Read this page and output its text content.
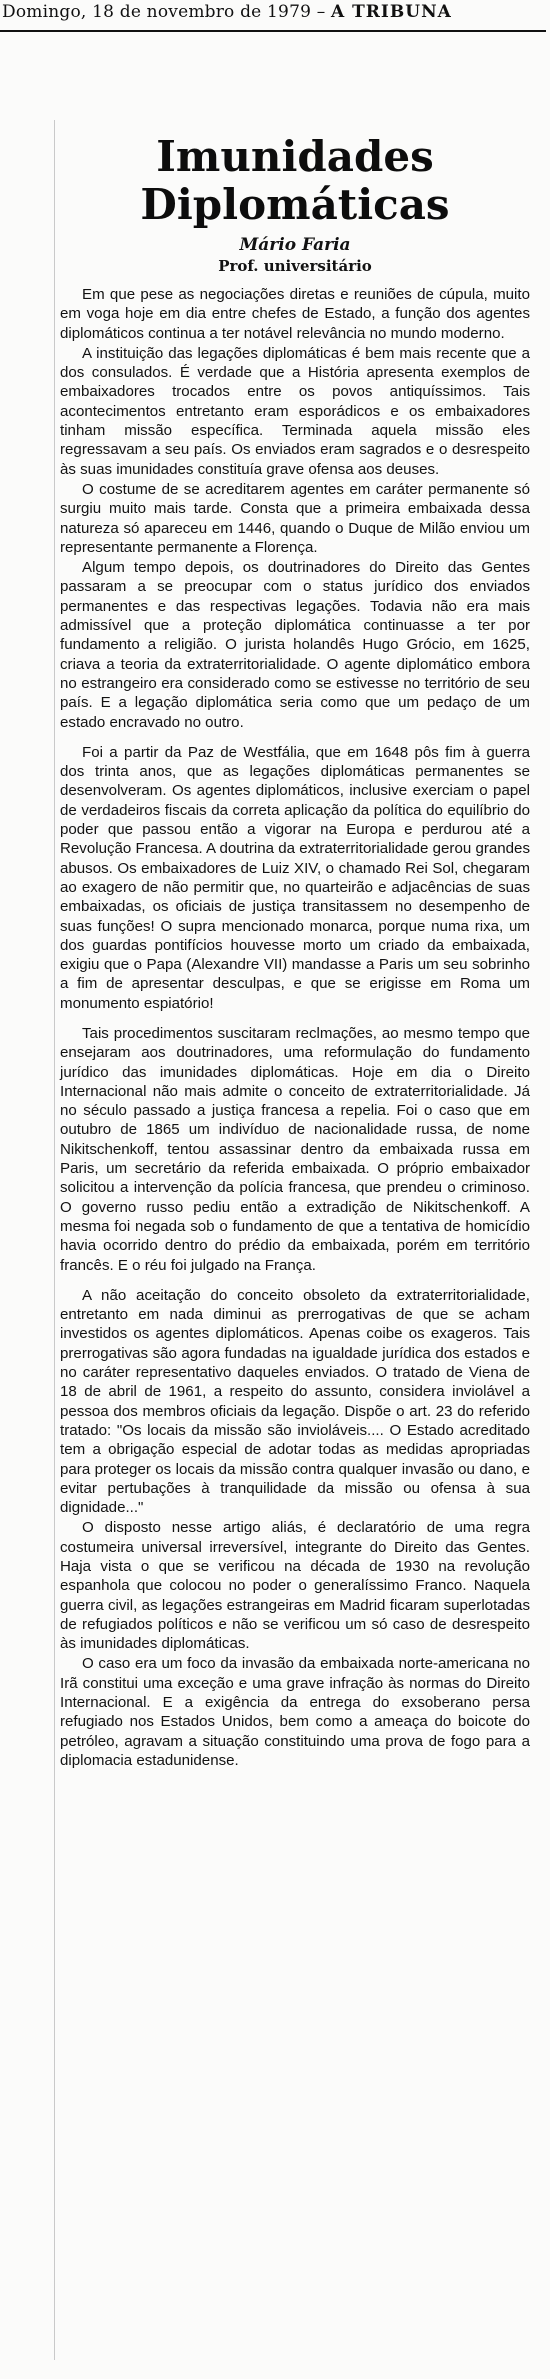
Domingo, 18 de novembro de 1979 – A TRIBUNA
Imunidades
Diplomáticas
Mário Faria
Prof. universitário

Em que pese as negociações diretas e reuniões de cúpula, muito em voga hoje em dia entre chefes de Estado, a função dos agentes diplomáticos continua a ter notável relevância no mundo moderno.

A instituição das legações diplomáticas é bem mais recente que a dos consulados. É verdade que a História apresenta exemplos de embaixadores trocados entre os povos antiquíssimos. Tais acontecimentos entretanto eram esporádicos e os embaixadores tinham missão específica. Terminada aquela missão eles regressavam a seu país. Os enviados eram sagrados e o desrespeito às suas imunidades constituía grave ofensa aos deuses.

O costume de se acreditarem agentes em caráter permanente só surgiu muito mais tarde. Consta que a primeira embaixada dessa natureza só apareceu em 1446, quando o Duque de Milão enviou um representante permanente a Florença.

Algum tempo depois, os doutrinadores do Direito das Gentes passaram a se preocupar com o status jurídico dos enviados permanentes e das respectivas legações. Todavia não era mais admissível que a proteção diplomática continuasse a ter por fundamento a religião. O jurista holandês Hugo Grócio, em 1625, criava a teoria da extraterritorialidade. O agente diplomático embora no estrangeiro era considerado como se estivesse no território de seu país. E a legação diplomática seria como que um pedaço de um estado encravado no outro.

Foi a partir da Paz de Westfália, que em 1648 pôs fim à guerra dos trinta anos, que as legações diplomáticas permanentes se desenvolveram. Os agentes diplomáticos, inclusive exerciam o papel de verdadeiros fiscais da correta aplicação da política do equilíbrio do poder que passou então a vigorar na Europa e perdurou até a Revolução Francesa. A doutrina da extraterritorialidade gerou grandes abusos. Os embaixadores de Luiz XIV, o chamado Rei Sol, chegaram ao exagero de não permitir que, no quarteirão e adjacências de suas embaixadas, os oficiais de justiça transitassem no desempenho de suas funções! O supra mencionado monarca, porque numa rixa, um dos guardas pontifícios houvesse morto um criado da embaixada, exigiu que o Papa (Alexandre VII) mandasse a Paris um seu sobrinho a fim de apresentar desculpas, e que se erigisse em Roma um monumento espiatório!

Tais procedimentos suscitaram reclmações, ao mesmo tempo que ensejaram aos doutrinadores, uma reformulação do fundamento jurídico das imunidades diplomáticas. Hoje em dia o Direito Internacional não mais admite o conceito de extraterritorialidade. Já no século passado a justiça francesa a repelia. Foi o caso que em outubro de 1865 um indivíduo de nacionalidade russa, de nome Nikitschenkoff, tentou assassinar dentro da embaixada russa em Paris, um secretário da referida embaixada. O próprio embaixador solicitou a intervenção da polícia francesa, que prendeu o criminoso. O governo russo pediu então a extradição de Nikitschenkoff. A mesma foi negada sob o fundamento de que a tentativa de homicídio havia ocorrido dentro do prédio da embaixada, porém em território francês. E o réu foi julgado na França.

A não aceitação do conceito obsoleto da extraterritorialidade, entretanto em nada diminui as prerrogativas de que se acham investidos os agentes diplomáticos. Apenas coibe os exageros. Tais prerrogativas são agora fundadas na igualdade jurídica dos estados e no caráter representativo daqueles enviados. O tratado de Viena de 18 de abril de 1961, a respeito do assunto, considera inviolável a pessoa dos membros oficiais da legação. Dispõe o art. 23 do referido tratado: "Os locais da missão são invioláveis.... O Estado acreditado tem a obrigação especial de adotar todas as medidas apropriadas para proteger os locais da missão contra qualquer invasão ou dano, e evitar pertubações à tranquilidade da missão ou ofensa à sua dignidade..."

O disposto nesse artigo aliás, é declaratório de uma regra costumeira universal irreversível, integrante do Direito das Gentes. Haja vista o que se verificou na década de 1930 na revolução espanhola que colocou no poder o generalíssimo Franco. Naquela guerra civil, as legações estrangeiras em Madrid ficaram superlotadas de refugiados políticos e não se verificou um só caso de desrespeito às imunidades diplomáticas.

O caso era um foco da invasão da embaixada norte-americana no Irã constitui uma exceção e uma grave infração às normas do Direito Internacional. E a exigência da entrega do exsoberano persa refugiado nos Estados Unidos, bem como a ameaça do boicote do petróleo, agravam a situação constituindo uma prova de fogo para a diplomacia estadunidense.
